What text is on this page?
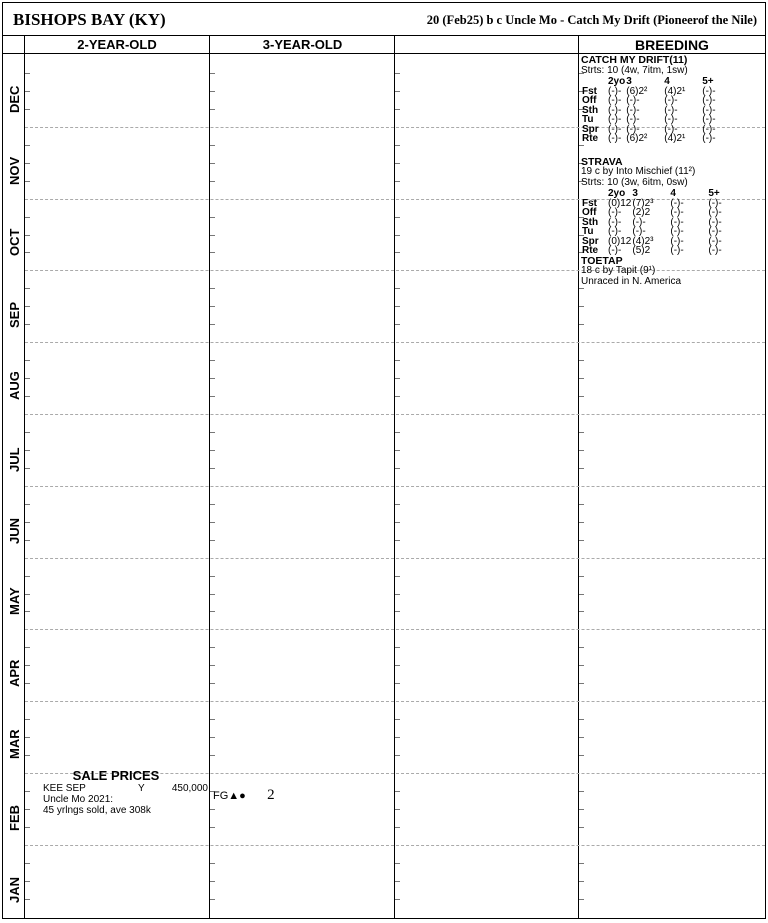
BISHOPS BAY (KY)	20 (Feb25) b c Uncle Mo - Catch My Drift (Pioneerof the Nile)
2-YEAR-OLD	3-YEAR-OLD	BREEDING
DEC
NOV
OCT
SEP
AUG
JUL
JUN
MAY
APR
MAR
FEB
JAN
CATCH MY DRIFT(11)
Strts: 10 (4w, 7itm, 1sw)
	2yo	3	4	5+
Fst	(-)-	(6)2²	(4)2¹	(-)-
Off	(-)-	(-)-	(-)-	(-)-
Sth	(-)-	(-)-	(-)-	(-)-
Tu	(-)-	(-)-	(-)-	(-)-
Spr	(-)-	(-)-	(-)-	(-)-
Rte	(-)-	(6)2²	(4)2¹	(-)-
STRAVA
19 c by Into Mischief (11²)
Strts: 10 (3w, 6itm, 0sw)
	2yo	3	4	5+
Fst	(0)12	(7)2³	(-)-	(-)-
Off	(-)-	(2)2	(-)-	(-)-
Sth	(-)-	(-)-	(-)-	(-)-
Tu	(-)-	(-)-	(-)-	(-)-
Spr	(0)12	(4)2³	(-)-	(-)-
Rte	(-)-	(5)2	(-)-	(-)-
TOETAP
18 c by Tapit (9¹)
Unraced in N. America
SALE PRICES
KEE SEP	Y	450,000
Uncle Mo 2021:
45 yrlngs sold, ave 308k
FG▲● 2
